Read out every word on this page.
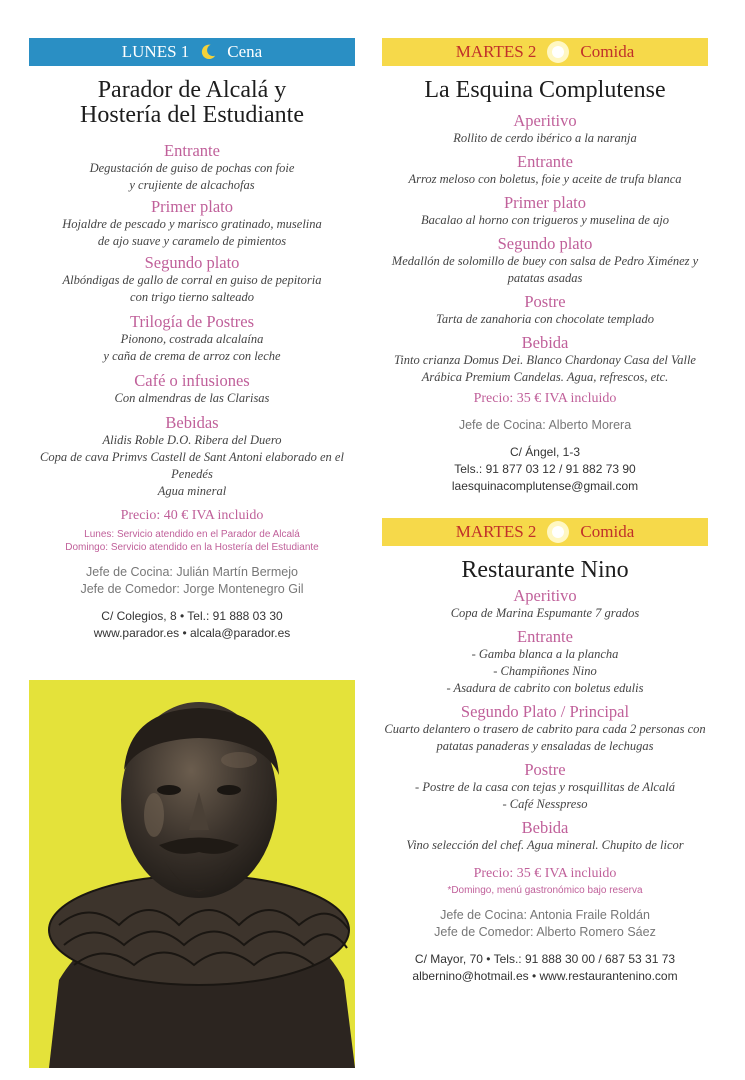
LUNES 1 Cena
Parador de Alcalá y
Hostería del Estudiante
Entrante
Degustación de guiso de pochas con foie
y crujiente de alcachofas
Primer plato
Hojaldre de pescado y marisco gratinado, muselina
de ajo suave y caramelo de pimientos
Segundo plato
Albóndigas de gallo de corral en guiso de pepitoria
con trigo tierno salteado
Trilogía de Postres
Pionono, costrada alcalaína
y caña de crema de arroz con leche
Café o infusiones
Con almendras de las Clarisas
Bebidas
Alidis Roble D.O. Ribera del Duero
Copa de cava Primvs Castell de Sant Antoni elaborado en el
Penedés
Agua mineral
Precio: 40 € IVA incluido
Lunes: Servicio atendido en el Parador de Alcalá
Domingo: Servicio atendido en la Hostería del Estudiante
Jefe de Cocina: Julián Martín Bermejo
Jefe de Comedor: Jorge Montenegro Gil
C/ Colegios, 8 • Tel.: 91 888 03 30
www.parador.es • alcala@parador.es
MARTES 2	Comida
La Esquina Complutense
Aperitivo
Rollito de cerdo ibérico a la naranja
Entrante
Arroz meloso con boletus, foie y aceite de trufa blanca
Primer plato
Bacalao al horno con trigueros y muselina de ajo
Segundo plato
Medallón de solomillo de buey con salsa de Pedro Ximénez y
patatas asadas
Postre
Tarta de zanahoria con chocolate templado
Bebida
Tinto crianza Domus Dei. Blanco Chardonay Casa del Valle
Arábica Premium Candelas. Agua, refrescos, etc.
Precio: 35 € IVA incluido
Jefe de Cocina: Alberto Morera
C/ Ángel, 1-3
Tels.: 91 877 03 12 / 91 882 73 90
laesquinacomplutense@gmail.com
MARTES 2	Comida
Restaurante Nino
Aperitivo
Copa de Marina Espumante 7 grados
Entrante
- Gamba blanca a la plancha
- Champiñones Nino
- Asadura de cabrito con boletus edulis
Segundo Plato / Principal
Cuarto delantero o trasero de cabrito para cada 2 personas con
patatas panaderas y ensaladas de lechugas
Postre
- Postre de la casa con tejas y rosquillitas de Alcalá
- Café Nesspreso
Bebida
Vino selección del chef. Agua mineral. Chupito de licor
Precio: 35 € IVA incluido
*Domingo, menú gastronómico bajo reserva
Jefe de Cocina: Antonia Fraile Roldán
Jefe de Comedor: Alberto Romero Sáez
C/ Mayor, 70 • Tels.: 91 888 30 00 / 687 53 31 73
albernino@hotmail.es • www.restaurantenino.com
